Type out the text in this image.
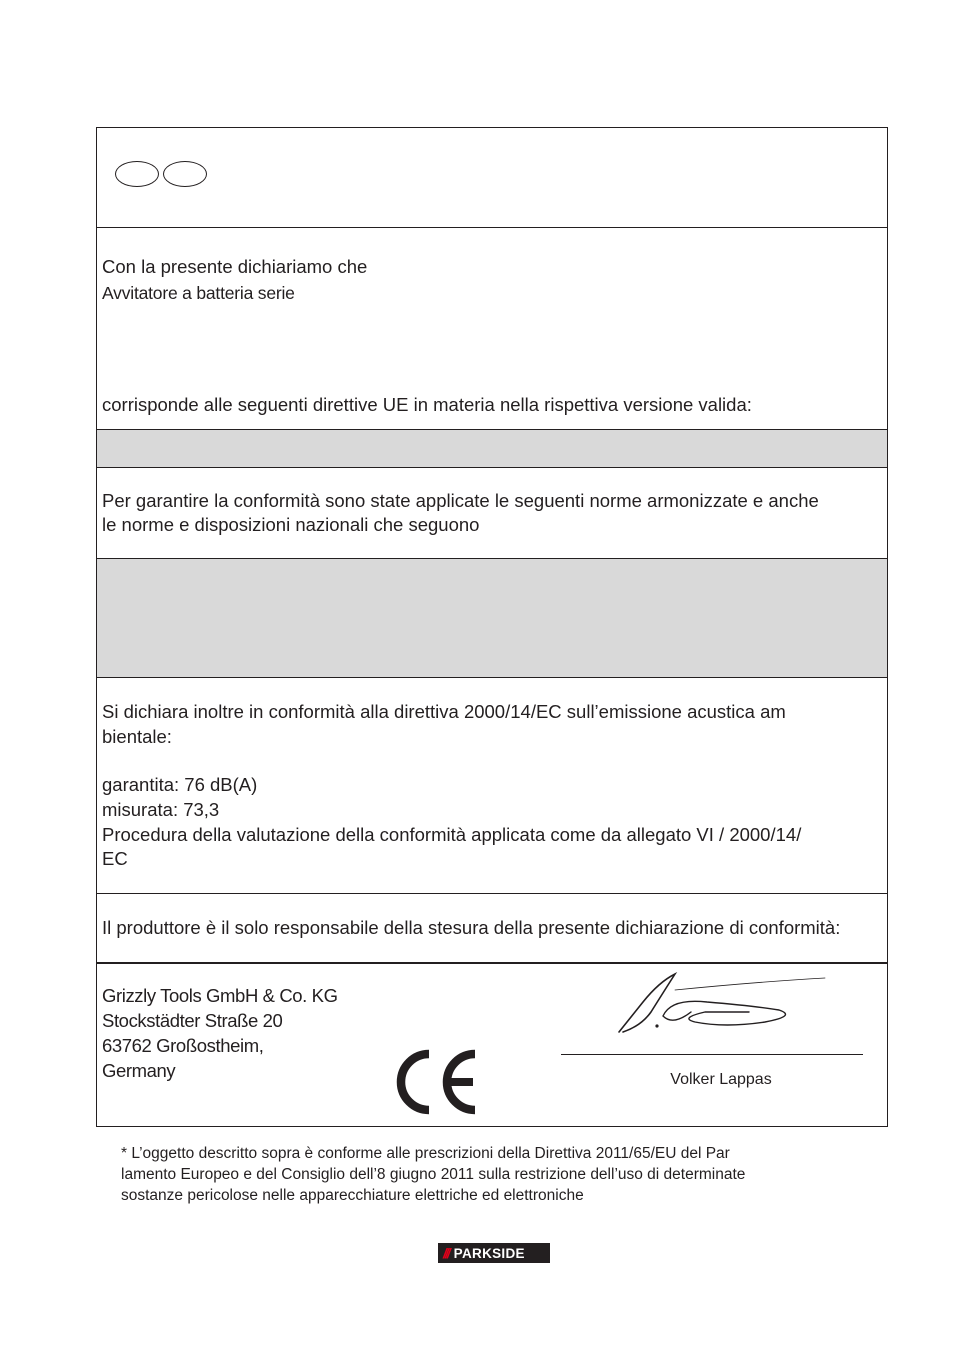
Con la presente dichiariamo che
Avvitatore a batteria serie
corrisponde alle seguenti direttive UE in materia nella rispettiva versione valida:
Per garantire la conformità sono state applicate le seguenti norme armonizzate e anche
le norme e disposizioni nazionali che seguono
Si dichiara inoltre in conformità alla direttiva 2000/14/EC sull’emissione acustica am
bientale:
garantita: 76 dB(A)
misurata: 73,3
Procedura della valutazione della conformità applicata come da allegato VI / 2000/14/
EC
Il produttore è il solo responsabile della stesura della presente dichiarazione di conformità:
Grizzly Tools GmbH & Co. KG
Stockstädter Straße 20
63762 Großostheim,
Germany	Volker Lappas
* L’oggetto descritto sopra è conforme alle prescrizioni della Direttiva 2011/65/EU del Par
lamento Europeo e del Consiglio dell’8 giugno 2011 sulla restrizione dell’uso di determinate
sostanze pericolose nelle apparecchiature elettriche ed elettroniche
/// PARKSIDE
